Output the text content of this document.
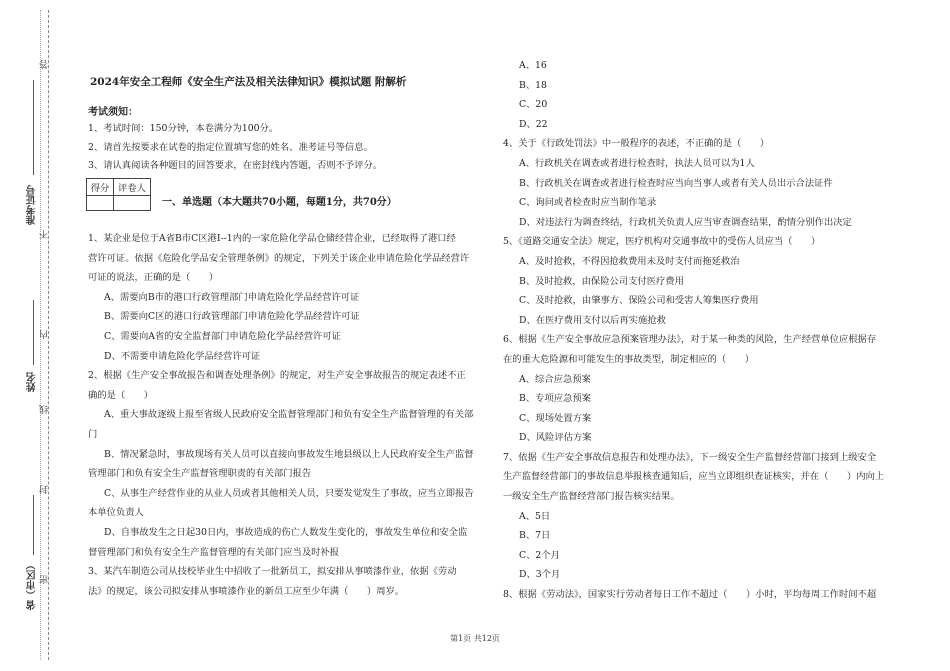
答
不
内
线
封
密
准考证号
姓名
省（市区）
2024年安全工程师《安全生产法及相关法律知识》模拟试题 附解析
考试须知：

1、考试时间：150分钟，本卷满分为100分。

2、请首先按要求在试卷的指定位置填写您的姓名、准考证号等信息。

3、请认真阅读各种题目的回答要求，在密封线内答题，否则不予评分。

得分	评卷人

一、单选题（本大题共70小题，每题1分，共70分）

1、某企业是位于A省B市C区港I--1内的一家危险化学品仓储经营企业，已经取得了港口经

营许可证。依据《危险化学品安全管理条例》的规定，下列关于该企业申请危险化学品经营许

可证的说法，正确的是（　　）

A、需要向B市的港口行政管理部门申请危险化学品经营许可证

B、需要向C区的港口行政管理部门申请危险化学品经营许可证

C、需要向A省的安全监督部门申请危险化学品经营许可证

D、不需要申请危险化学品经营许可证

2、根据《生产安全事故报告和调查处理条例》的规定，对生产安全事故报告的规定表述不正

确的是（　　）

A、重大事故逐级上报至省级人民政府安全监督管理部门和负有安全生产监督管理的有关部

门

B、情况紧急时，事故现场有关人员可以直接向事故发生地县级以上人民政府安全生产监督

管理部门和负有安全生产监督管理职责的有关部门报告

C、从事生产经营作业的从业人员或者其他相关人员，只要发觉发生了事故，应当立即报告

本单位负责人

D、自事故发生之日起30日内，事故造成的伤亡人数发生变化的，事故发生单位和安全监

督管理部门和负有安全生产监督管理的有关部门应当及时补报

3、某汽车制造公司从技校毕业生中招收了一批新员工，拟安排从事喷漆作业，依据《劳动

法》的规定，该公司拟安排从事喷漆作业的新员工应至少年满（　　）周岁。

A、16

B、18

C、20

D、22

4、关于《行政处罚法》中一般程序的表述，不正确的是（　　）

A、行政机关在调查或者进行检查时，执法人员可以为1人

B、行政机关在调查或者进行检查时应当向当事人或者有关人员出示合法证件

C、询问或者检查时应当制作笔录

D、对违法行为调查终结，行政机关负责人应当审查调查结果，酌情分别作出决定

5、《道路交通安全法》规定，医疗机构对交通事故中的受伤人员应当（　　）

A、及时抢救，不得因抢救费用未及时支付而拖延救治

B、及时抢救，由保险公司支付医疗费用

C、及时抢救，由肇事方、保险公司和受害人筹集医疗费用

D、在医疗费用支付以后再实施抢救

6、根据《生产安全事故应急预案管理办法》，对于某一种类的风险，生产经营单位应根据存

在的重大危险源和可能发生的事故类型，制定相应的（　　）

A、综合应急预案

B、专项应急预案

C、现场处置方案

D、风险评估方案

7、依据《生产安全事故信息报告和处理办法》，下一级安全生产监督经营部门接到上级安全

生产监督经营部门的事故信息举报核查通知后，应当立即组织查证核实，并在（　　）内向上

一级安全生产监督经营部门报告核实结果。

A、5日

B、7日

C、2个月

D、3个月

8、根据《劳动法》，国家实行劳动者每日工作不超过（　　）小时，平均每周工作时间不超

第1页 共12页
